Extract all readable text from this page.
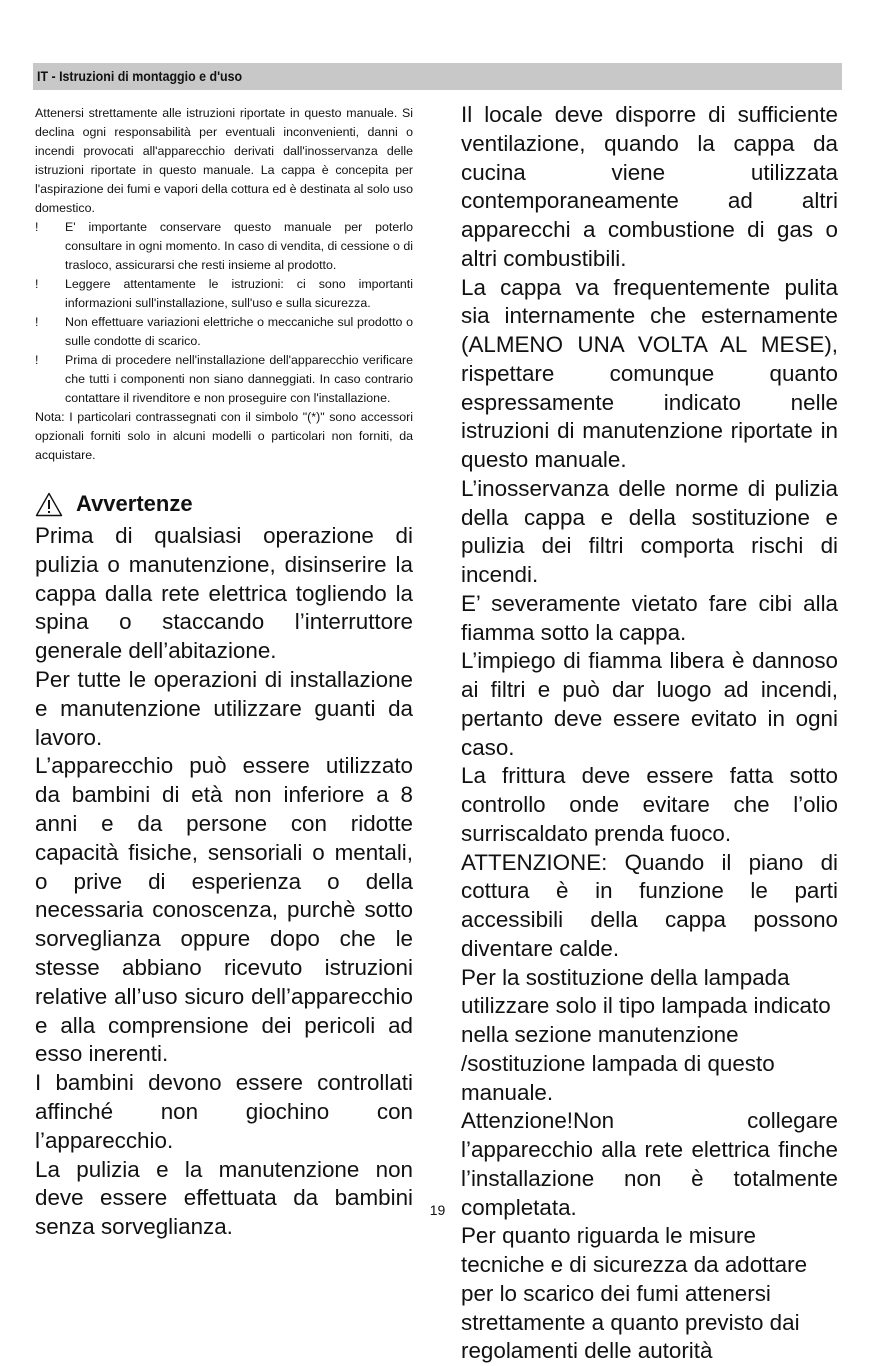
IT - Istruzioni di montaggio e d'uso

Attenersi strettamente alle istruzioni riportate in questo manuale. Si declina ogni responsabilità per eventuali inconvenienti, danni o incendi provocati all'apparecchio derivati dall'inosservanza delle istruzioni riportate in questo manuale. La cappa è concepita per l'aspirazione dei fumi e vapori della cottura ed è destinata al solo uso domestico.

! E' importante conservare questo manuale per poterlo consultare in ogni momento. In caso di vendita, di cessione o di trasloco, assicurarsi che resti insieme al prodotto.
! Leggere attentamente le istruzioni: ci sono importanti informazioni sull'installazione, sull'uso e sulla sicurezza.
! Non effettuare variazioni elettriche o meccaniche sul prodotto o sulle condotte di scarico.
! Prima di procedere nell'installazione dell'apparecchio verificare che tutti i componenti non siano danneggiati. In caso contrario contattare il rivenditore e non proseguire con l'installazione.

Nota: I particolari contrassegnati con il simbolo "(*)" sono accessori opzionali forniti solo in alcuni modelli o particolari non forniti, da acquistare.

Avvertenze

Prima di qualsiasi operazione di pulizia o manutenzione, disinserire la cappa dalla rete elettrica togliendo la spina o staccando l’interruttore generale dell’abitazione.

Per tutte le operazioni di installazione e manutenzione utilizzare guanti da lavoro.

L’apparecchio può essere utilizzato da bambini di età non inferiore a 8 anni e da persone con ridotte capacità fisiche, sensoriali o mentali, o prive di esperienza o della necessaria conoscenza, purchè sotto sorveglianza oppure dopo che le stesse abbiano ricevuto istruzioni relative all’uso sicuro dell’apparecchio e alla comprensione dei pericoli ad esso inerenti.

I bambini devono essere controllati affinché non giochino con l’apparecchio.

La pulizia e la manutenzione non deve essere effettuata da bambini senza sorveglianza.

Il locale deve disporre di sufficiente ventilazione, quando la cappa da cucina viene utilizzata contemporaneamente ad altri apparecchi a combustione di gas o altri combustibili.

La cappa va frequentemente pulita sia internamente che esternamente (ALMENO UNA VOLTA AL MESE), rispettare comunque quanto espressamente indicato nelle istruzioni di manutenzione riportate in questo manuale.

L’inosservanza delle norme di pulizia della cappa e della sostituzione e pulizia dei filtri comporta rischi di incendi.

E’ severamente vietato fare cibi alla fiamma sotto la cappa.

L’impiego di fiamma libera è dannoso ai filtri e può dar luogo ad incendi, pertanto deve essere evitato in ogni caso.

La frittura deve essere fatta sotto controllo onde evitare che l’olio surriscaldato prenda fuoco.

ATTENZIONE: Quando il piano di cottura è in funzione le parti accessibili della cappa possono diventare calde.

Per la sostituzione della lampada utilizzare solo il tipo lampada indicato nella sezione manutenzione /sostituzione lampada di questo manuale.

Attenzione!Non collegare l’apparecchio alla rete elettrica finche l’installazione non è totalmente completata.

Per quanto riguarda le misure tecniche e di sicurezza da adottare per lo scarico dei fumi attenersi strettamente a quanto previsto dai regolamenti delle autorità

19
